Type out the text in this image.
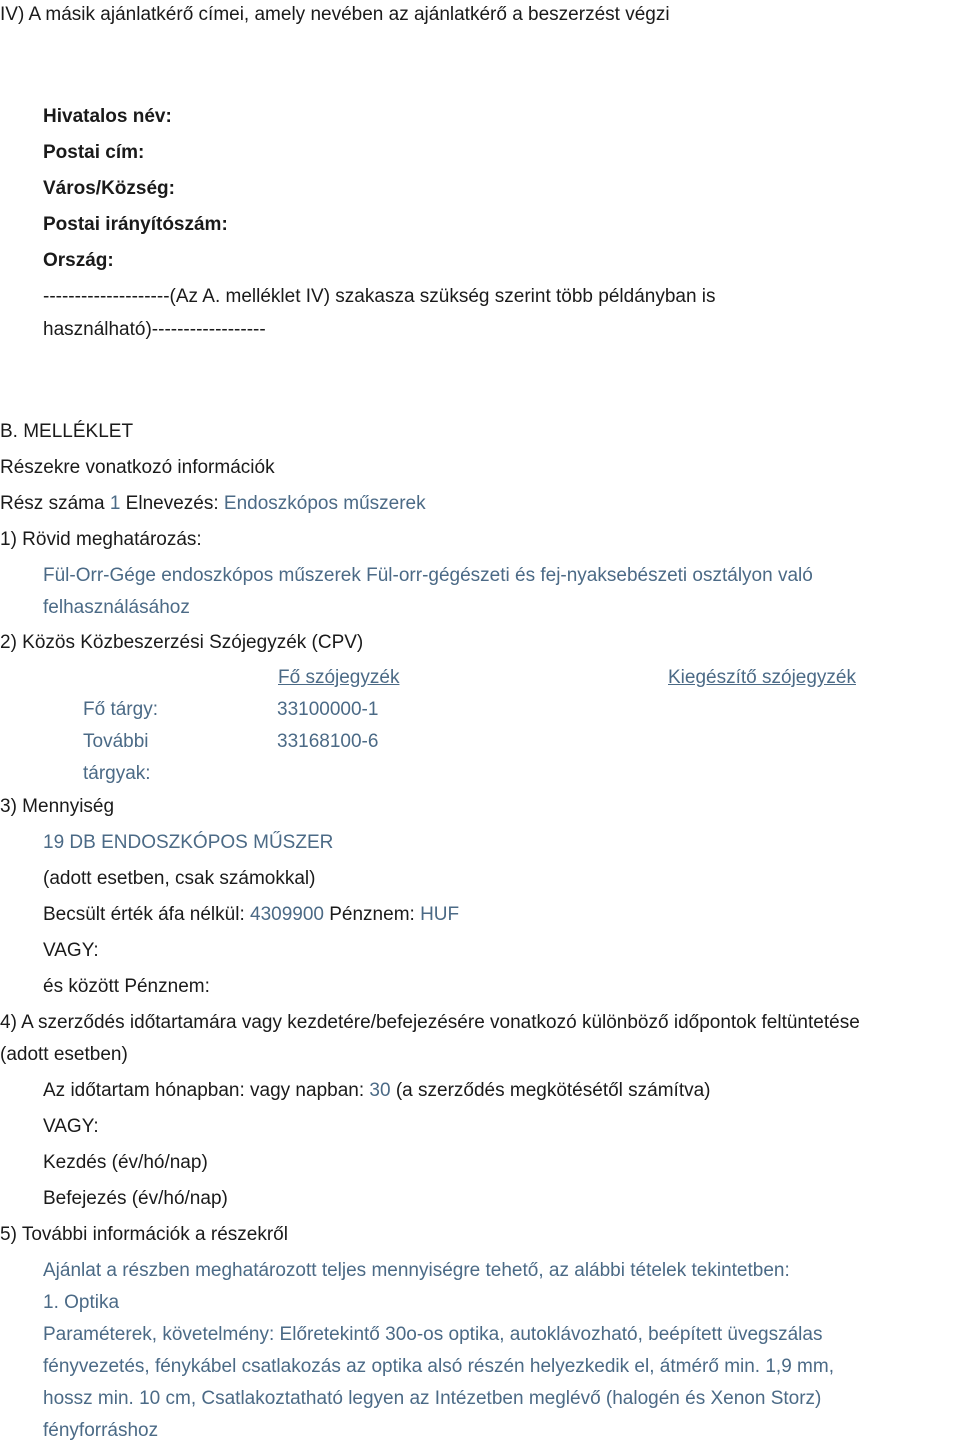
IV) A másik ajánlatkérő címei, amely nevében az ajánlatkérő a beszerzést végzi
Hivatalos név:
Postai cím:
Város/Község:
Postai irányítószám:
Ország:
--------------------(Az A. melléklet IV) szakasza szükség szerint több példányban is
használható)------------------
B. MELLÉKLET
Részekre vonatkozó információk
Rész száma 1 Elnevezés: Endoszkópos műszerek
1) Rövid meghatározás:
Fül-Orr-Gége endoszkópos műszerek Fül-orr-gégészeti és fej-nyaksebészeti osztályon való
felhasználásához
2) Közös Közbeszerzési Szójegyzék (CPV)
Fő szójegyzék	Kiegészítő szójegyzék
Fő tárgy:	33100000-1
További	33168100-6
tárgyak:
3) Mennyiség
19 DB ENDOSZKÓPOS MŰSZER
(adott esetben, csak számokkal)
Becsült érték áfa nélkül: 4309900 Pénznem: HUF
VAGY:
és között Pénznem:
4) A szerződés időtartamára vagy kezdetére/befejezésére vonatkozó különböző időpontok feltüntetése
(adott esetben)
Az időtartam hónapban: vagy napban: 30 (a szerződés megkötésétől számítva)
VAGY:
Kezdés (év/hó/nap)
Befejezés (év/hó/nap)
5) További információk a részekről
Ajánlat a részben meghatározott teljes mennyiségre tehető, az alábbi tételek tekintetben:
1. Optika
Paraméterek, követelmény: Előretekintő 30o-os optika, autoklávozható, beépített üvegszálas
fényvezetés, fénykábel csatlakozás az optika alsó részén helyezkedik el, átmérő min. 1,9 mm,
hossz min. 10 cm, Csatlakoztatható legyen az Intézetben meglévő (halogén és Xenon Storz)
fényforráshoz
